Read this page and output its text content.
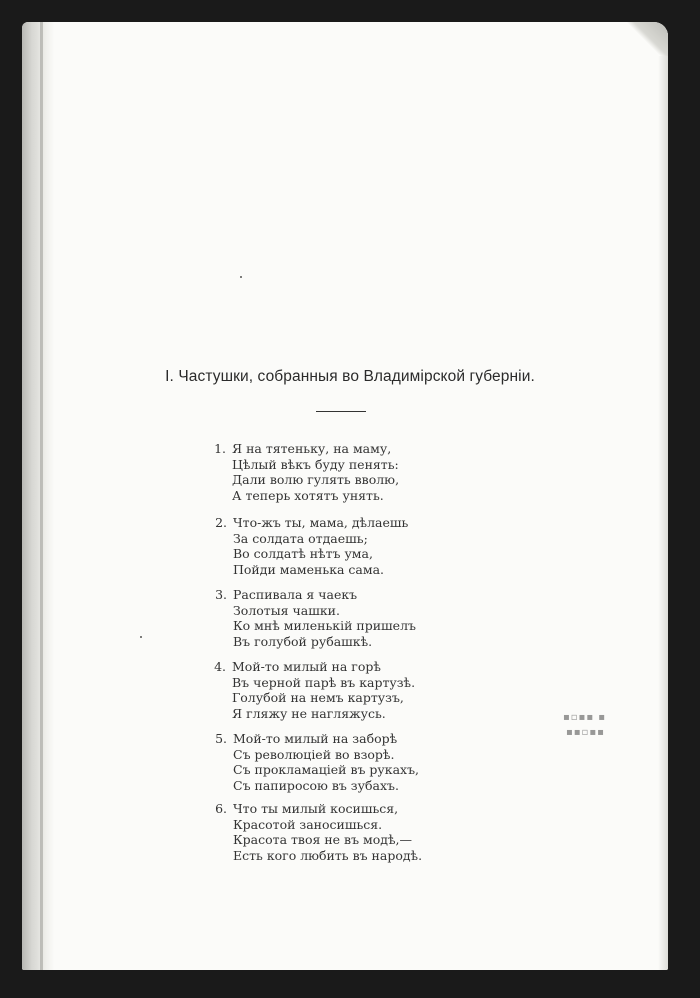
▪▫▪▪ ▪
▪▪▫▪▪
I. Частушки, собранныя во Владимірской губерніи.
1. Я на тятеньку, на маму,
Цѣлый вѣкъ буду пенять:
Дали волю гулять вволю,
А теперь хотятъ унять.
2. Что-жъ ты, мама, дѣлаешь
За солдата отдаешь;
Во солдатѣ нѣтъ ума,
Пойди маменька сама.
3. Распивала я чаекъ
Золотыя чашки.
Ко мнѣ миленькій пришелъ
Въ голубой рубашкѣ.
4. Мой-то милый на горѣ
Въ черной парѣ въ картузѣ.
Голубой на немъ картузъ,
Я гляжу не нагляжусь.
5. Мой-то милый на заборѣ
Съ революціей во взорѣ.
Съ прокламаціей въ рукахъ,
Съ папиросою въ зубахъ.
6. Что ты милый косишься,
Красотой заносишься.
Красота твоя не въ модѣ,—
Есть кого любить въ народѣ.
